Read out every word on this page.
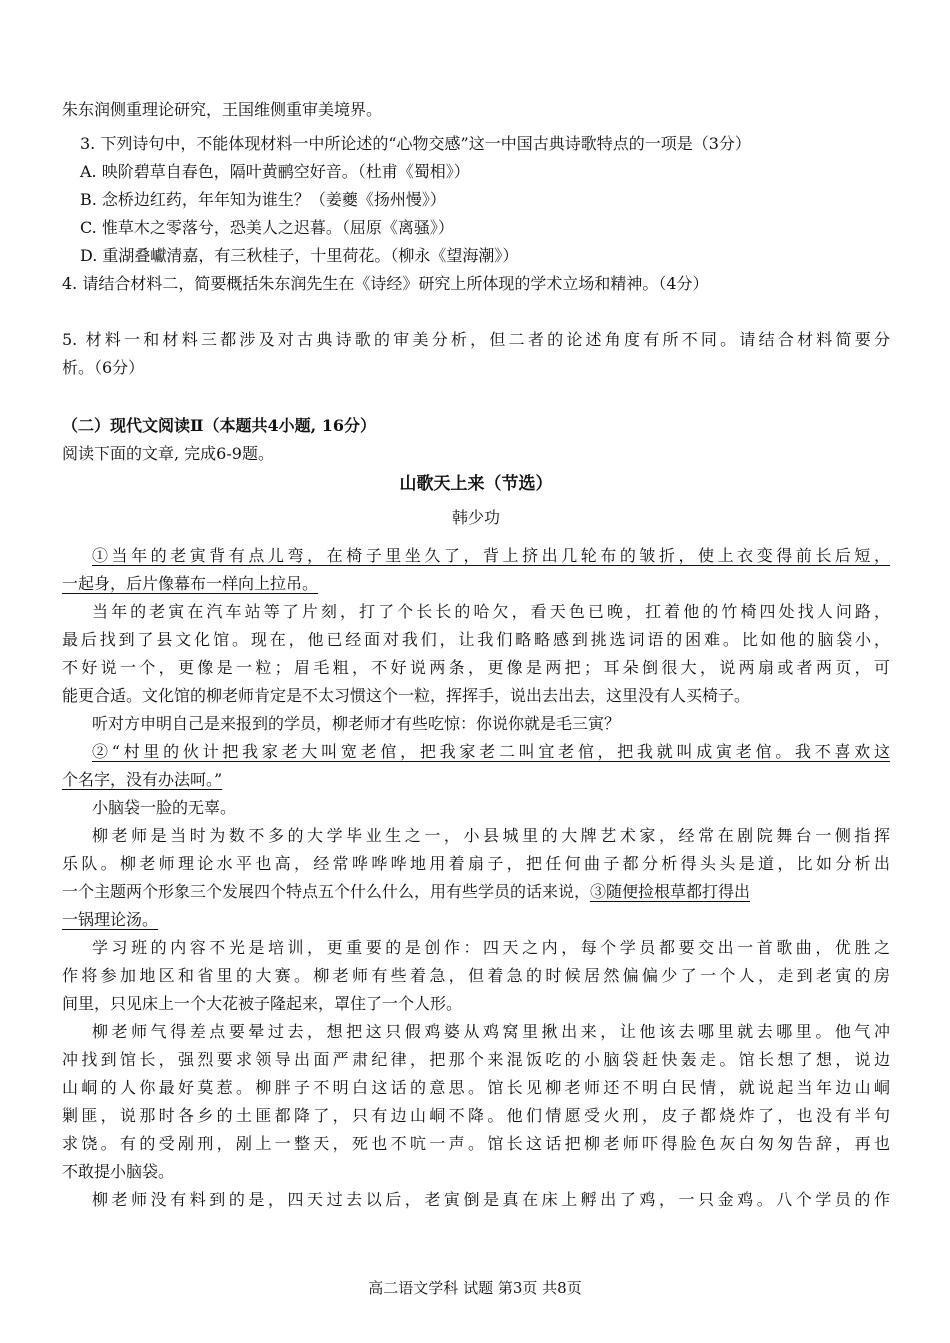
朱东润侧重理论研究，王国维侧重审美境界。
3. 下列诗句中，不能体现材料一中所论述的“心物交感”这一中国古典诗歌特点的一项是（3分）
A. 映阶碧草自春色，隔叶黄鹂空好音。（杜甫《蜀相》）
B. 念桥边红药，年年知为谁生？（姜夔《扬州慢》）
C. 惟草木之零落兮，恐美人之迟暮。（屈原《离骚》）
D. 重湖叠巘清嘉，有三秋桂子，十里荷花。（柳永《望海潮》）
4. 请结合材料二，简要概括朱东润先生在《诗经》研究上所体现的学术立场和精神。（4分）
5. 材料一和材料三都涉及对古典诗歌的审美分析，但二者的论述角度有所不同。请结合材料简要分
析。（6分）
（二）现代文阅读Ⅱ（本题共4小题, 16分）
阅读下面的文章, 完成6-9题。
山歌天上来（节选）
韩少功
①当年的老寅背有点儿弯，在椅子里坐久了，背上挤出几轮布的皱折，使上衣变得前长后短，
一起身，后片像幕布一样向上拉吊。
当年的老寅在汽车站等了片刻，打了个长长的哈欠，看天色已晚，扛着他的竹椅四处找人问路，
最后找到了县文化馆。现在，他已经面对我们，让我们略略感到挑选词语的困难。比如他的脑袋小，
不好说一个，更像是一粒；眉毛粗，不好说两条，更像是两把；耳朵倒很大，说两扇或者两页，可
能更合适。文化馆的柳老师肯定是不太习惯这个一粒，挥挥手，说出去出去，这里没有人买椅子。
听对方申明自己是来报到的学员，柳老师才有些吃惊：你说你就是毛三寅？
②“村里的伙计把我家老大叫宽老倌，把我家老二叫宜老倌，把我就叫成寅老倌。我不喜欢这
个名字，没有办法呵。”
小脑袋一脸的无辜。
柳老师是当时为数不多的大学毕业生之一，小县城里的大牌艺术家，经常在剧院舞台一侧指挥
乐队。柳老师理论水平也高，经常哗哗哗地用着扇子，把任何曲子都分析得头头是道，比如分析出
一个主题两个形象三个发展四个特点五个什么什么，用有些学员的话来说，③随便捡根草都打得出
一锅理论汤。
学习班的内容不光是培训，更重要的是创作：四天之内，每个学员都要交出一首歌曲，优胜之
作将参加地区和省里的大赛。柳老师有些着急，但着急的时候居然偏偏少了一个人，走到老寅的房
间里，只见床上一个大花被子隆起来，罩住了一个人形。
柳老师气得差点要晕过去，想把这只假鸡婆从鸡窝里揪出来，让他该去哪里就去哪里。他气冲
冲找到馆长，强烈要求领导出面严肃纪律，把那个来混饭吃的小脑袋赶快轰走。馆长想了想，说边
山峒的人你最好莫惹。柳胖子不明白这话的意思。馆长见柳老师还不明白民情，就说起当年边山峒
剿匪，说那时各乡的土匪都降了，只有边山峒不降。他们情愿受火刑，皮子都烧炸了，也没有半句
求饶。有的受剐刑，剐上一整天，死也不吭一声。馆长这话把柳老师吓得脸色灰白匆匆告辞，再也
不敢提小脑袋。
柳老师没有料到的是，四天过去以后，老寅倒是真在床上孵出了鸡，一只金鸡。八个学员的作
高二语文学科 试题 第3页 共8页
